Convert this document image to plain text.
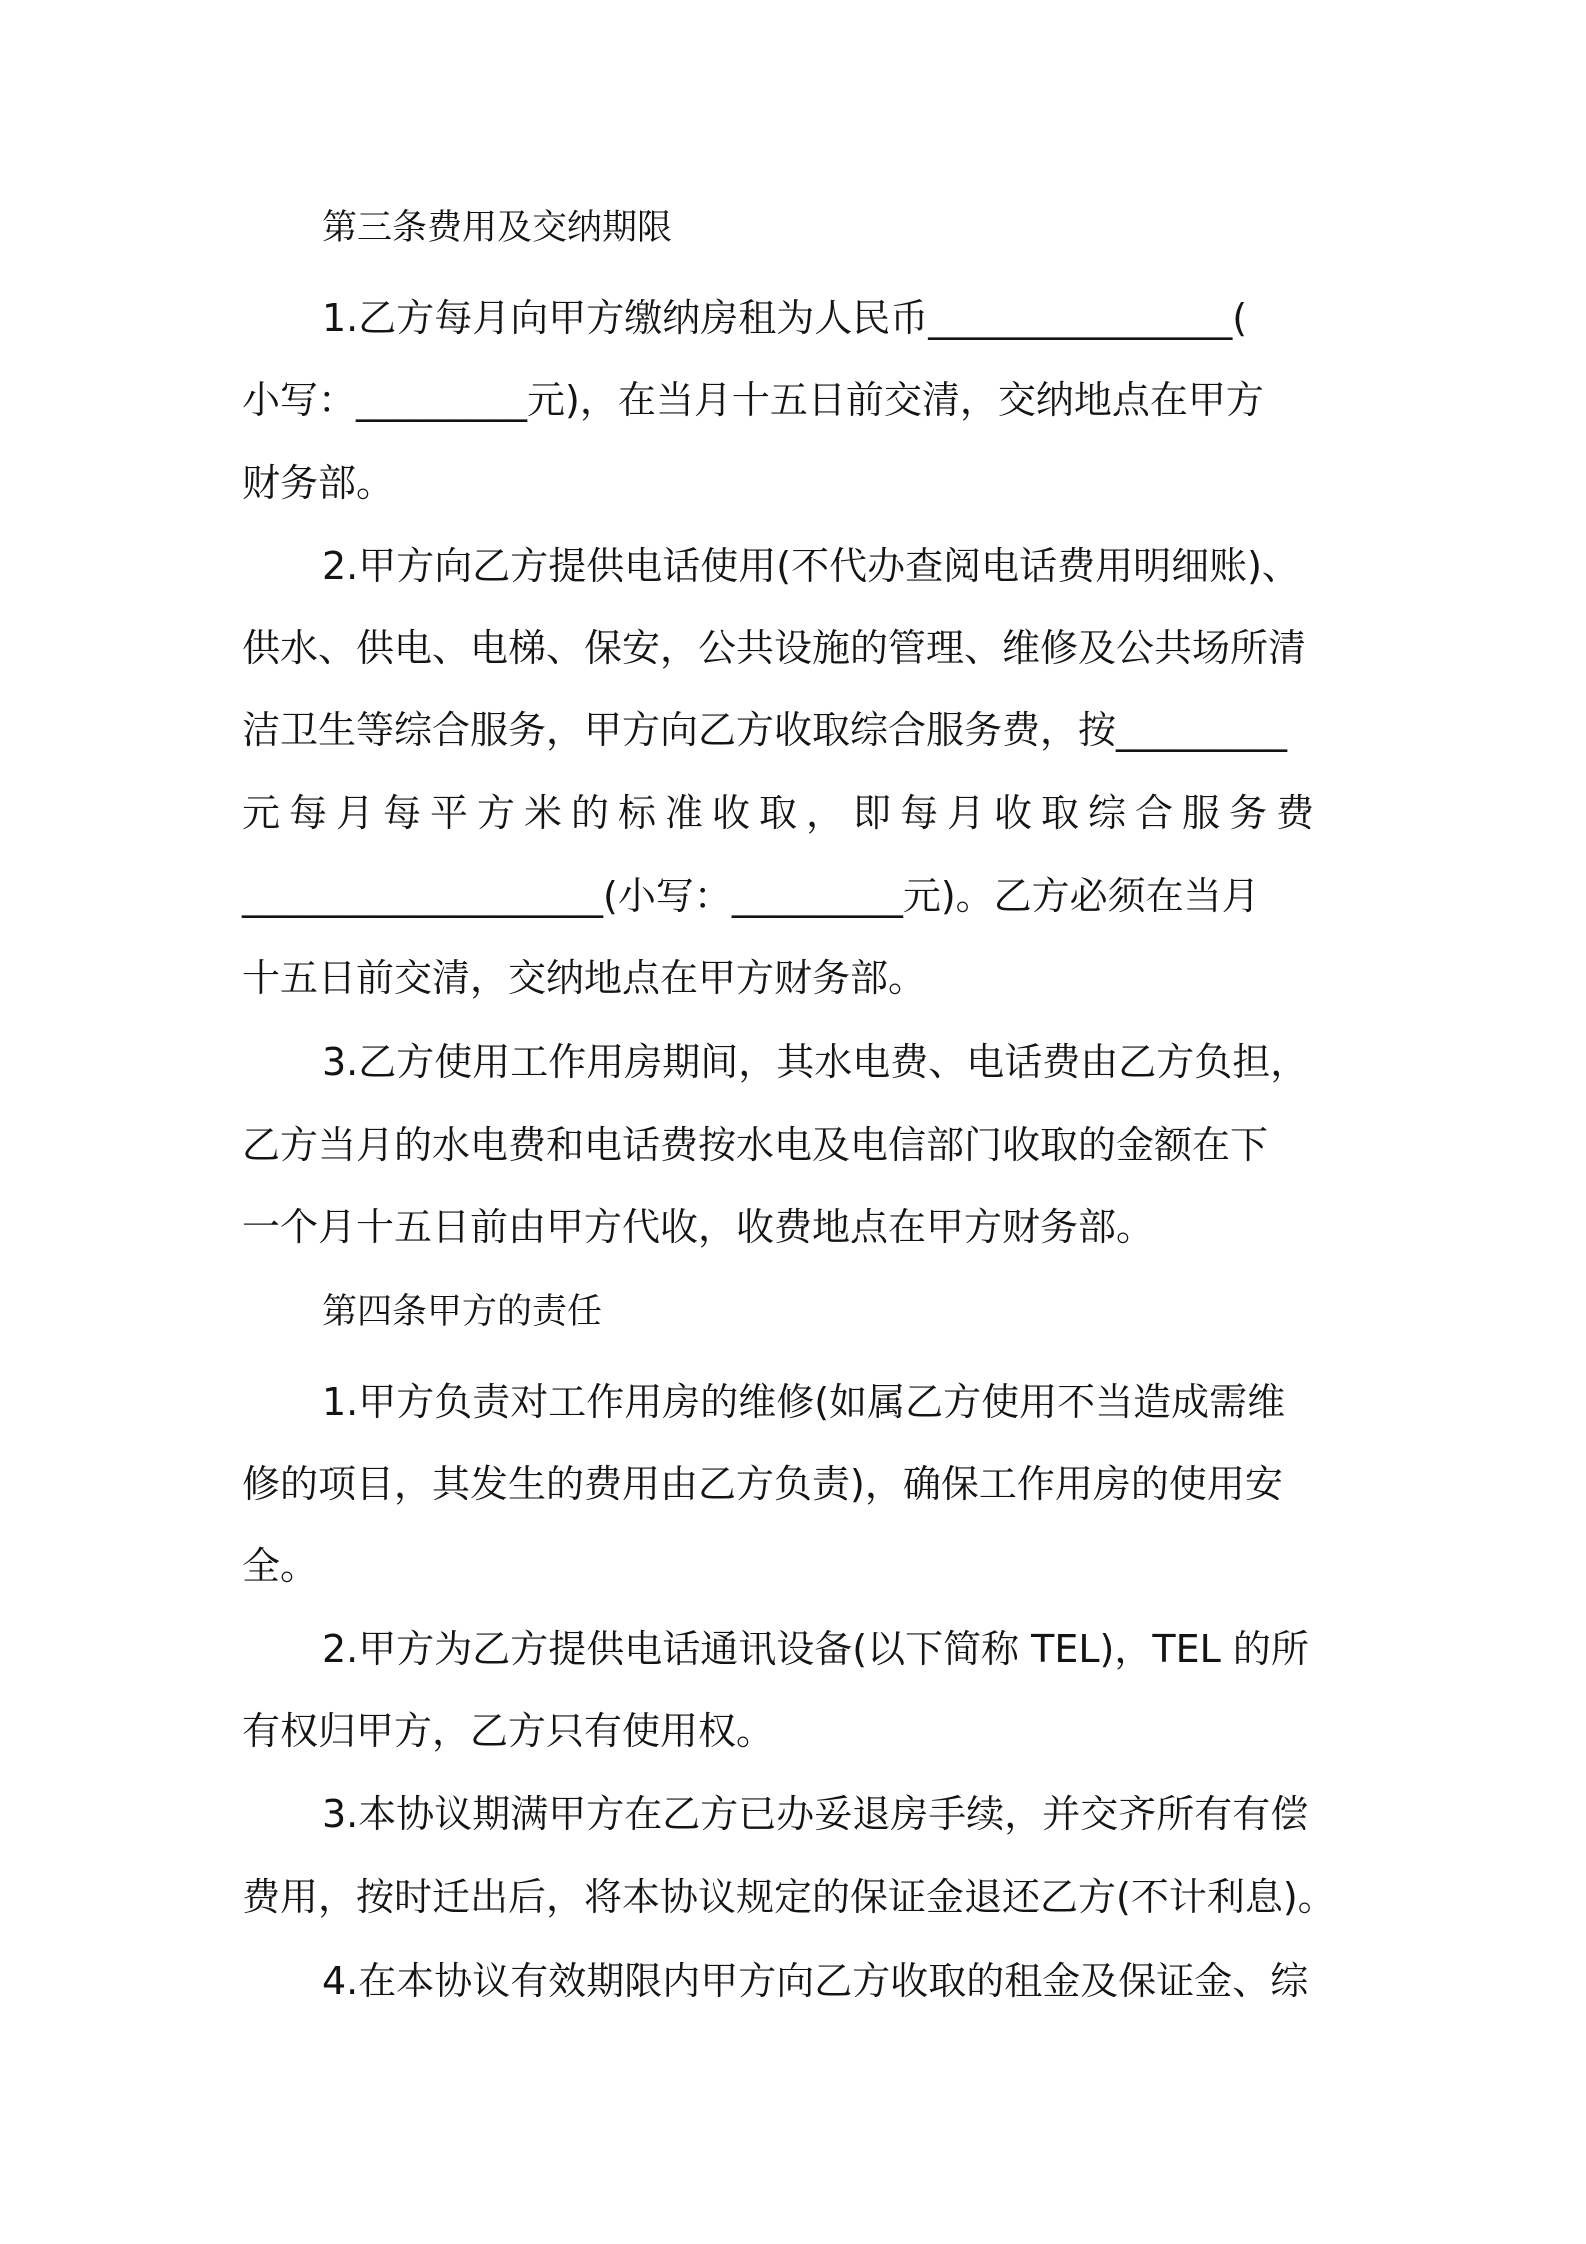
第三条费用及交纳期限
1.乙方每月向甲方缴纳房租为人民币________________(
小写：_________元)，在当月十五日前交清，交纳地点在甲方
财务部。
2.甲方向乙方提供电话使用(不代办查阅电话费用明细账)、
供水、供电、电梯、保安，公共设施的管理、维修及公共场所清
洁卫生等综合服务，甲方向乙方收取综合服务费，按_________
元每月每平方米的标准收取，即每月收取综合服务费
___________________(小写：_________元)。乙方必须在当月
十五日前交清，交纳地点在甲方财务部。
3.乙方使用工作用房期间，其水电费、电话费由乙方负担，
乙方当月的水电费和电话费按水电及电信部门收取的金额在下
一个月十五日前由甲方代收，收费地点在甲方财务部。
第四条甲方的责任
1.甲方负责对工作用房的维修(如属乙方使用不当造成需维
修的项目，其发生的费用由乙方负责)，确保工作用房的使用安
全。
2.甲方为乙方提供电话通讯设备(以下简称 TEL)，TEL 的所
有权归甲方，乙方只有使用权。
3.本协议期满甲方在乙方已办妥退房手续，并交齐所有有偿
费用，按时迁出后，将本协议规定的保证金退还乙方(不计利息)。
4.在本协议有效期限内甲方向乙方收取的租金及保证金、综
